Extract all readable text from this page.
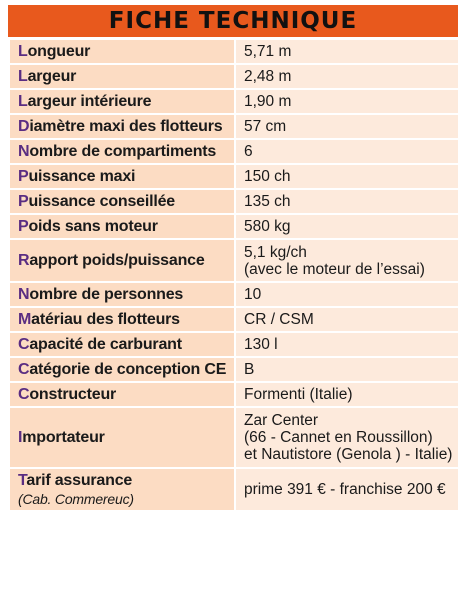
FICHE TECHNIQUE
Longueur	5,71 m

Largeur	2,48 m

Largeur intérieure	1,90 m

Diamètre maxi des flotteurs	57 cm

Nombre de compartiments	6

Puissance maxi	150 ch

Puissance conseillée	135 ch

Poids sans moteur	580 kg

Rapport poids/puissance	5,1 kg/ch
(avec le moteur de l’essai)

Nombre de personnes	10

Matériau des flotteurs	CR / CSM

Capacité de carburant	130 l

Catégorie de conception CE	B

Constructeur	Formenti (Italie)

Importateur	Zar Center
(66 - Cannet en Roussillon)
et Nautistore (Genola ) - Italie)

Tarif assurance
(Cab. Commereuc)	prime 391 € - franchise 200 €
